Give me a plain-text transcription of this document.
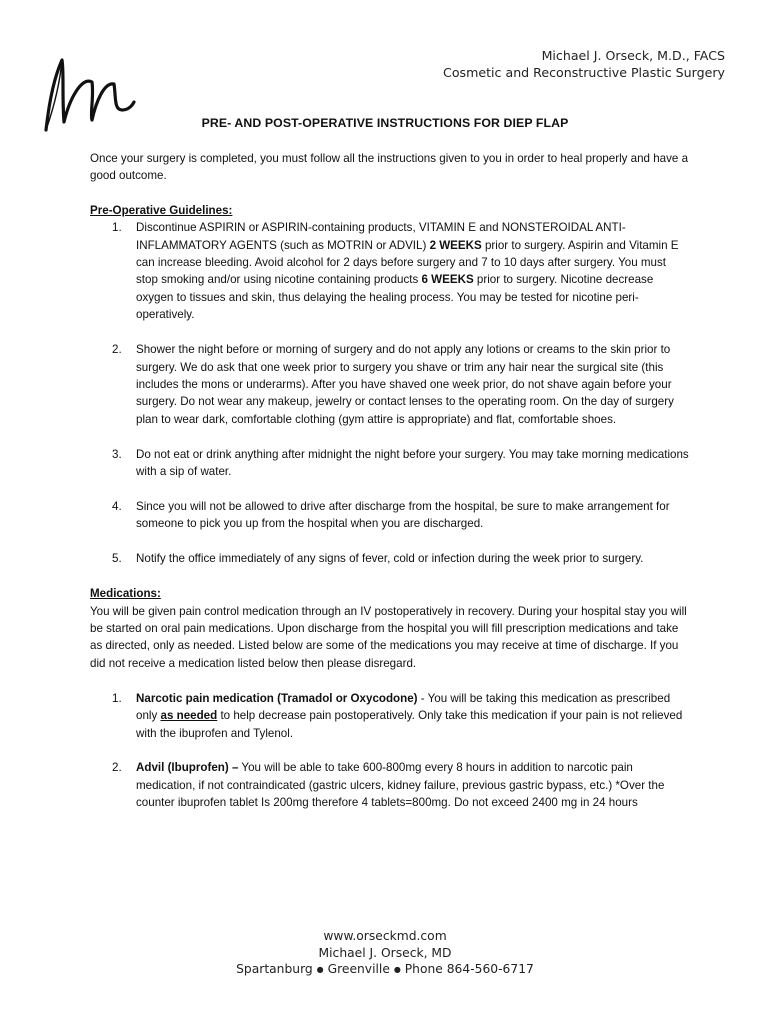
Michael J. Orseck, M.D., FACS
Cosmetic and Reconstructive Plastic Surgery
PRE- AND POST-OPERATIVE INSTRUCTIONS FOR DIEP FLAP

Once your surgery is completed, you must follow all the instructions given to you in order to heal properly and have a good outcome.

Pre-Operative Guidelines:
1. Discontinue ASPIRIN or ASPIRIN-containing products, VITAMIN E and NONSTEROIDAL ANTI-INFLAMMATORY AGENTS (such as MOTRIN or ADVIL) 2 WEEKS prior to surgery. Aspirin and Vitamin E can increase bleeding. Avoid alcohol for 2 days before surgery and 7 to 10 days after surgery. You must stop smoking and/or using nicotine containing products 6 WEEKS prior to surgery. Nicotine decrease oxygen to tissues and skin, thus delaying the healing process. You may be tested for nicotine peri-operatively.
2. Shower the night before or morning of surgery and do not apply any lotions or creams to the skin prior to surgery. We do ask that one week prior to surgery you shave or trim any hair near the surgical site (this includes the mons or underarms). After you have shaved one week prior, do not shave again before your surgery. Do not wear any makeup, jewelry or contact lenses to the operating room. On the day of surgery plan to wear dark, comfortable clothing (gym attire is appropriate) and flat, comfortable shoes.
3. Do not eat or drink anything after midnight the night before your surgery. You may take morning medications with a sip of water.
4. Since you will not be allowed to drive after discharge from the hospital, be sure to make arrangement for someone to pick you up from the hospital when you are discharged.
5. Notify the office immediately of any signs of fever, cold or infection during the week prior to surgery.
Medications:

You will be given pain control medication through an IV postoperatively in recovery. During your hospital stay you will be started on oral pain medications. Upon discharge from the hospital you will fill prescription medications and take as directed, only as needed. Listed below are some of the medications you may receive at time of discharge. If you did not receive a medication listed below then please disregard.

1. Narcotic pain medication (Tramadol or Oxycodone) - You will be taking this medication as prescribed only as needed to help decrease pain postoperatively. Only take this medication if your pain is not relieved with the ibuprofen and Tylenol.
2. Advil (Ibuprofen) – You will be able to take 600-800mg every 8 hours in addition to narcotic pain medication, if not contraindicated (gastric ulcers, kidney failure, previous gastric bypass, etc.) *Over the counter ibuprofen tablet Is 200mg therefore 4 tablets=800mg. Do not exceed 2400 mg in 24 hours
www.orseckmd.com
Michael J. Orseck, MD
Spartanburg ● Greenville ● Phone 864-560-6717
